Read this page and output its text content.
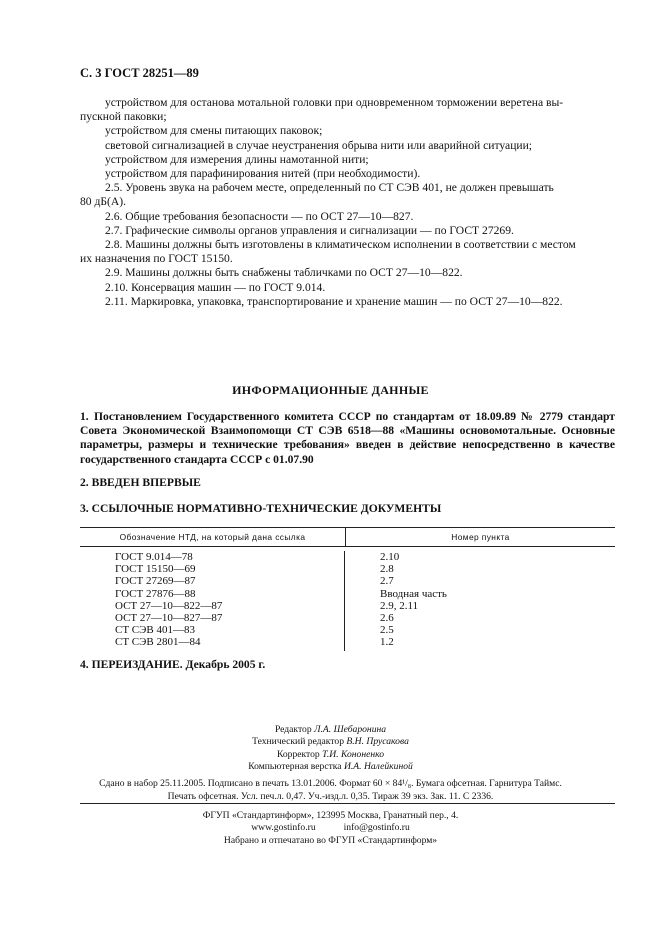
С. 3 ГОСТ 28251—89

устройством для останова мотальной головки при одновременном торможении веретена вы-

пускной паковки;

устройством для смены питающих паковок;

световой сигнализацией в случае неустранения обрыва нити или аварийной ситуации;

устройством для измерения длины намотанной нити;

устройством для парафинирования нитей (при необходимости).

2.5. Уровень звука на рабочем месте, определенный по СТ СЭВ 401, не должен превышать

80 дБ(А).

2.6. Общие требования безопасности — по ОСТ 27—10—827.

2.7. Графические символы органов управления и сигнализации — по ГОСТ 27269.

2.8. Машины должны быть изготовлены в климатическом исполнении в соответствии с местом

их назначения по ГОСТ 15150.

2.9. Машины должны быть снабжены табличками по ОСТ 27—10—822.

2.10. Консервация машин — по ГОСТ 9.014.

2.11. Маркировка, упаковка, транспортирование и хранение машин — по ОСТ 27—10—822.

ИНФОРМАЦИОННЫЕ ДАННЫЕ
1. Постановлением Государственного комитета СССР по стандартам от 18.09.89 № 2779 стандарт Совета Экономической Взаимопомощи СТ СЭВ 6518—88 «Машины основомотальные. Основные параметры, размеры и технические требования» введен в действие непосредственно в качестве государственного стандарта СССР с 01.07.90
2. ВВЕДЕН ВПЕРВЫЕ
3. ССЫЛОЧНЫЕ НОРМАТИВНО-ТЕХНИЧЕСКИЕ ДОКУМЕНТЫ
Обозначение НТД, на который дана ссылка	Номер пункта
ГОСТ 9.014—78
ГОСТ 15150—69
ГОСТ 27269—87
ГОСТ 27876—88
ОСТ 27—10—822—87
ОСТ 27—10—827—87
СТ СЭВ 401—83
СТ СЭВ 2801—84
2.10
2.8
2.7
Вводная часть
2.9, 2.11
2.6
2.5
1.2
4. ПЕРЕИЗДАНИЕ. Декабрь 2005 г.
Редактор Л.А. Шебаронина
Технический редактор В.Н. Прусакова
Корректор Т.И. Кононенко
Компьютерная верстка И.А. Налейкиной
Сдано в набор 25.11.2005. Подписано в печать 13.01.2006. Формат 60 × 84¹/₈. Бумага офсетная. Гарнитура Таймс.
Печать офсетная. Усл. печ.л. 0,47. Уч.-изд.л. 0,35. Тираж 39 экз. Зак. 11. С 2336.
ФГУП «Стандартинформ», 123995 Москва, Гранатный пер., 4.
www.gostinfo.ru	info@gostinfo.ru
Набрано и отпечатано во ФГУП «Стандартинформ»
